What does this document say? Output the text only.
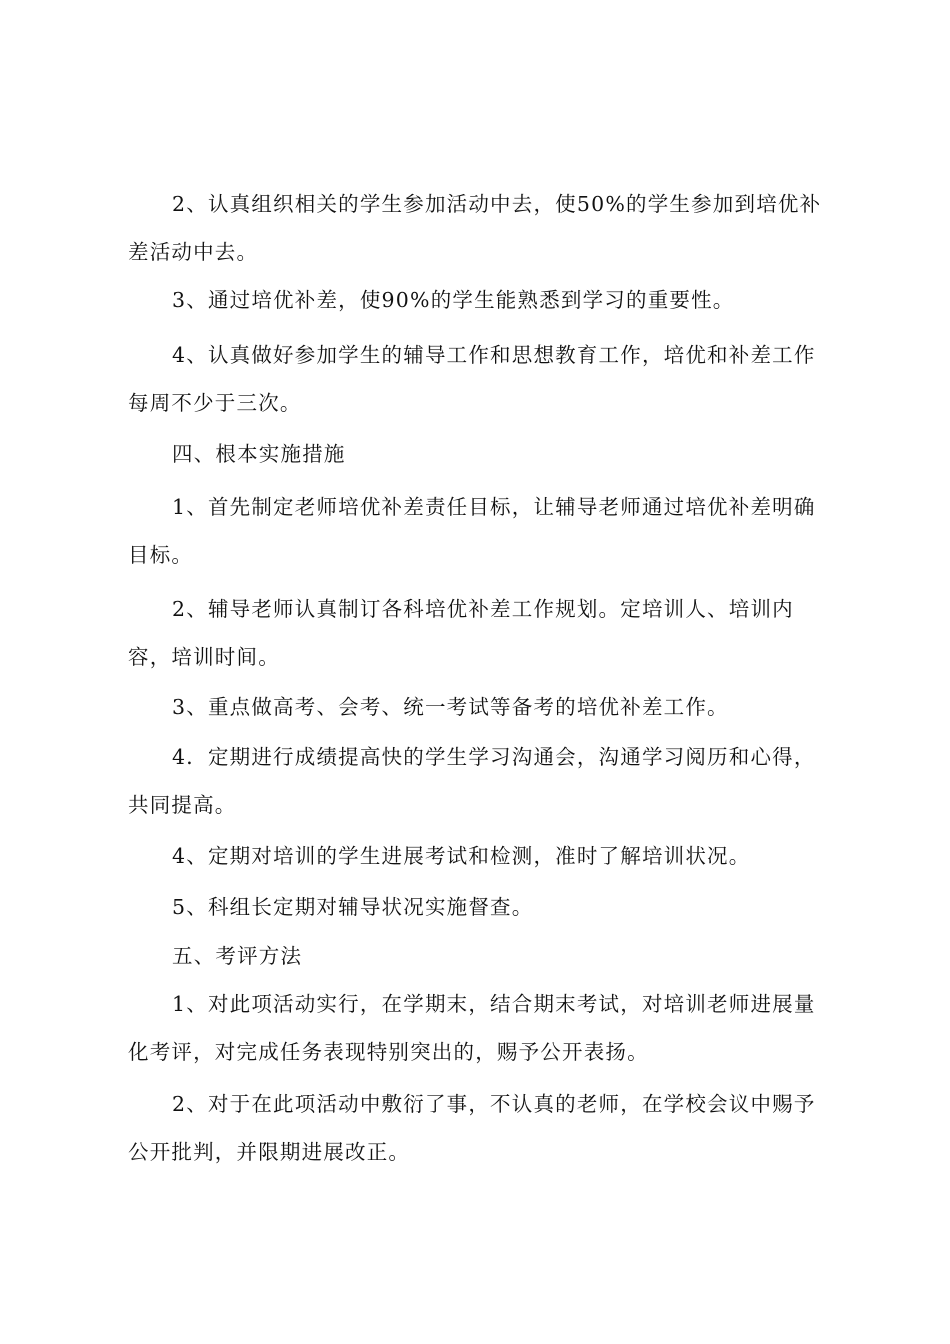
2、认真组织相关的学生参加活动中去，使50%的学生参加到培优补差活动中去。

3、通过培优补差，使90%的学生能熟悉到学习的重要性。

4、认真做好参加学生的辅导工作和思想教育工作，培优和补差工作每周不少于三次。

四、根本实施措施

1、首先制定老师培优补差责任目标，让辅导老师通过培优补差明确目标。

2、辅导老师认真制订各科培优补差工作规划。定培训人、培训内容，培训时间。

3、重点做高考、会考、统一考试等备考的培优补差工作。

4．定期进行成绩提高快的学生学习沟通会，沟通学习阅历和心得，共同提高。

4、定期对培训的学生进展考试和检测，准时了解培训状况。

5、科组长定期对辅导状况实施督查。

五、考评方法

1、对此项活动实行，在学期末，结合期末考试，对培训老师进展量化考评，对完成任务表现特别突出的，赐予公开表扬。

2、对于在此项活动中敷衍了事，不认真的老师，在学校会议中赐予公开批判，并限期进展改正。
